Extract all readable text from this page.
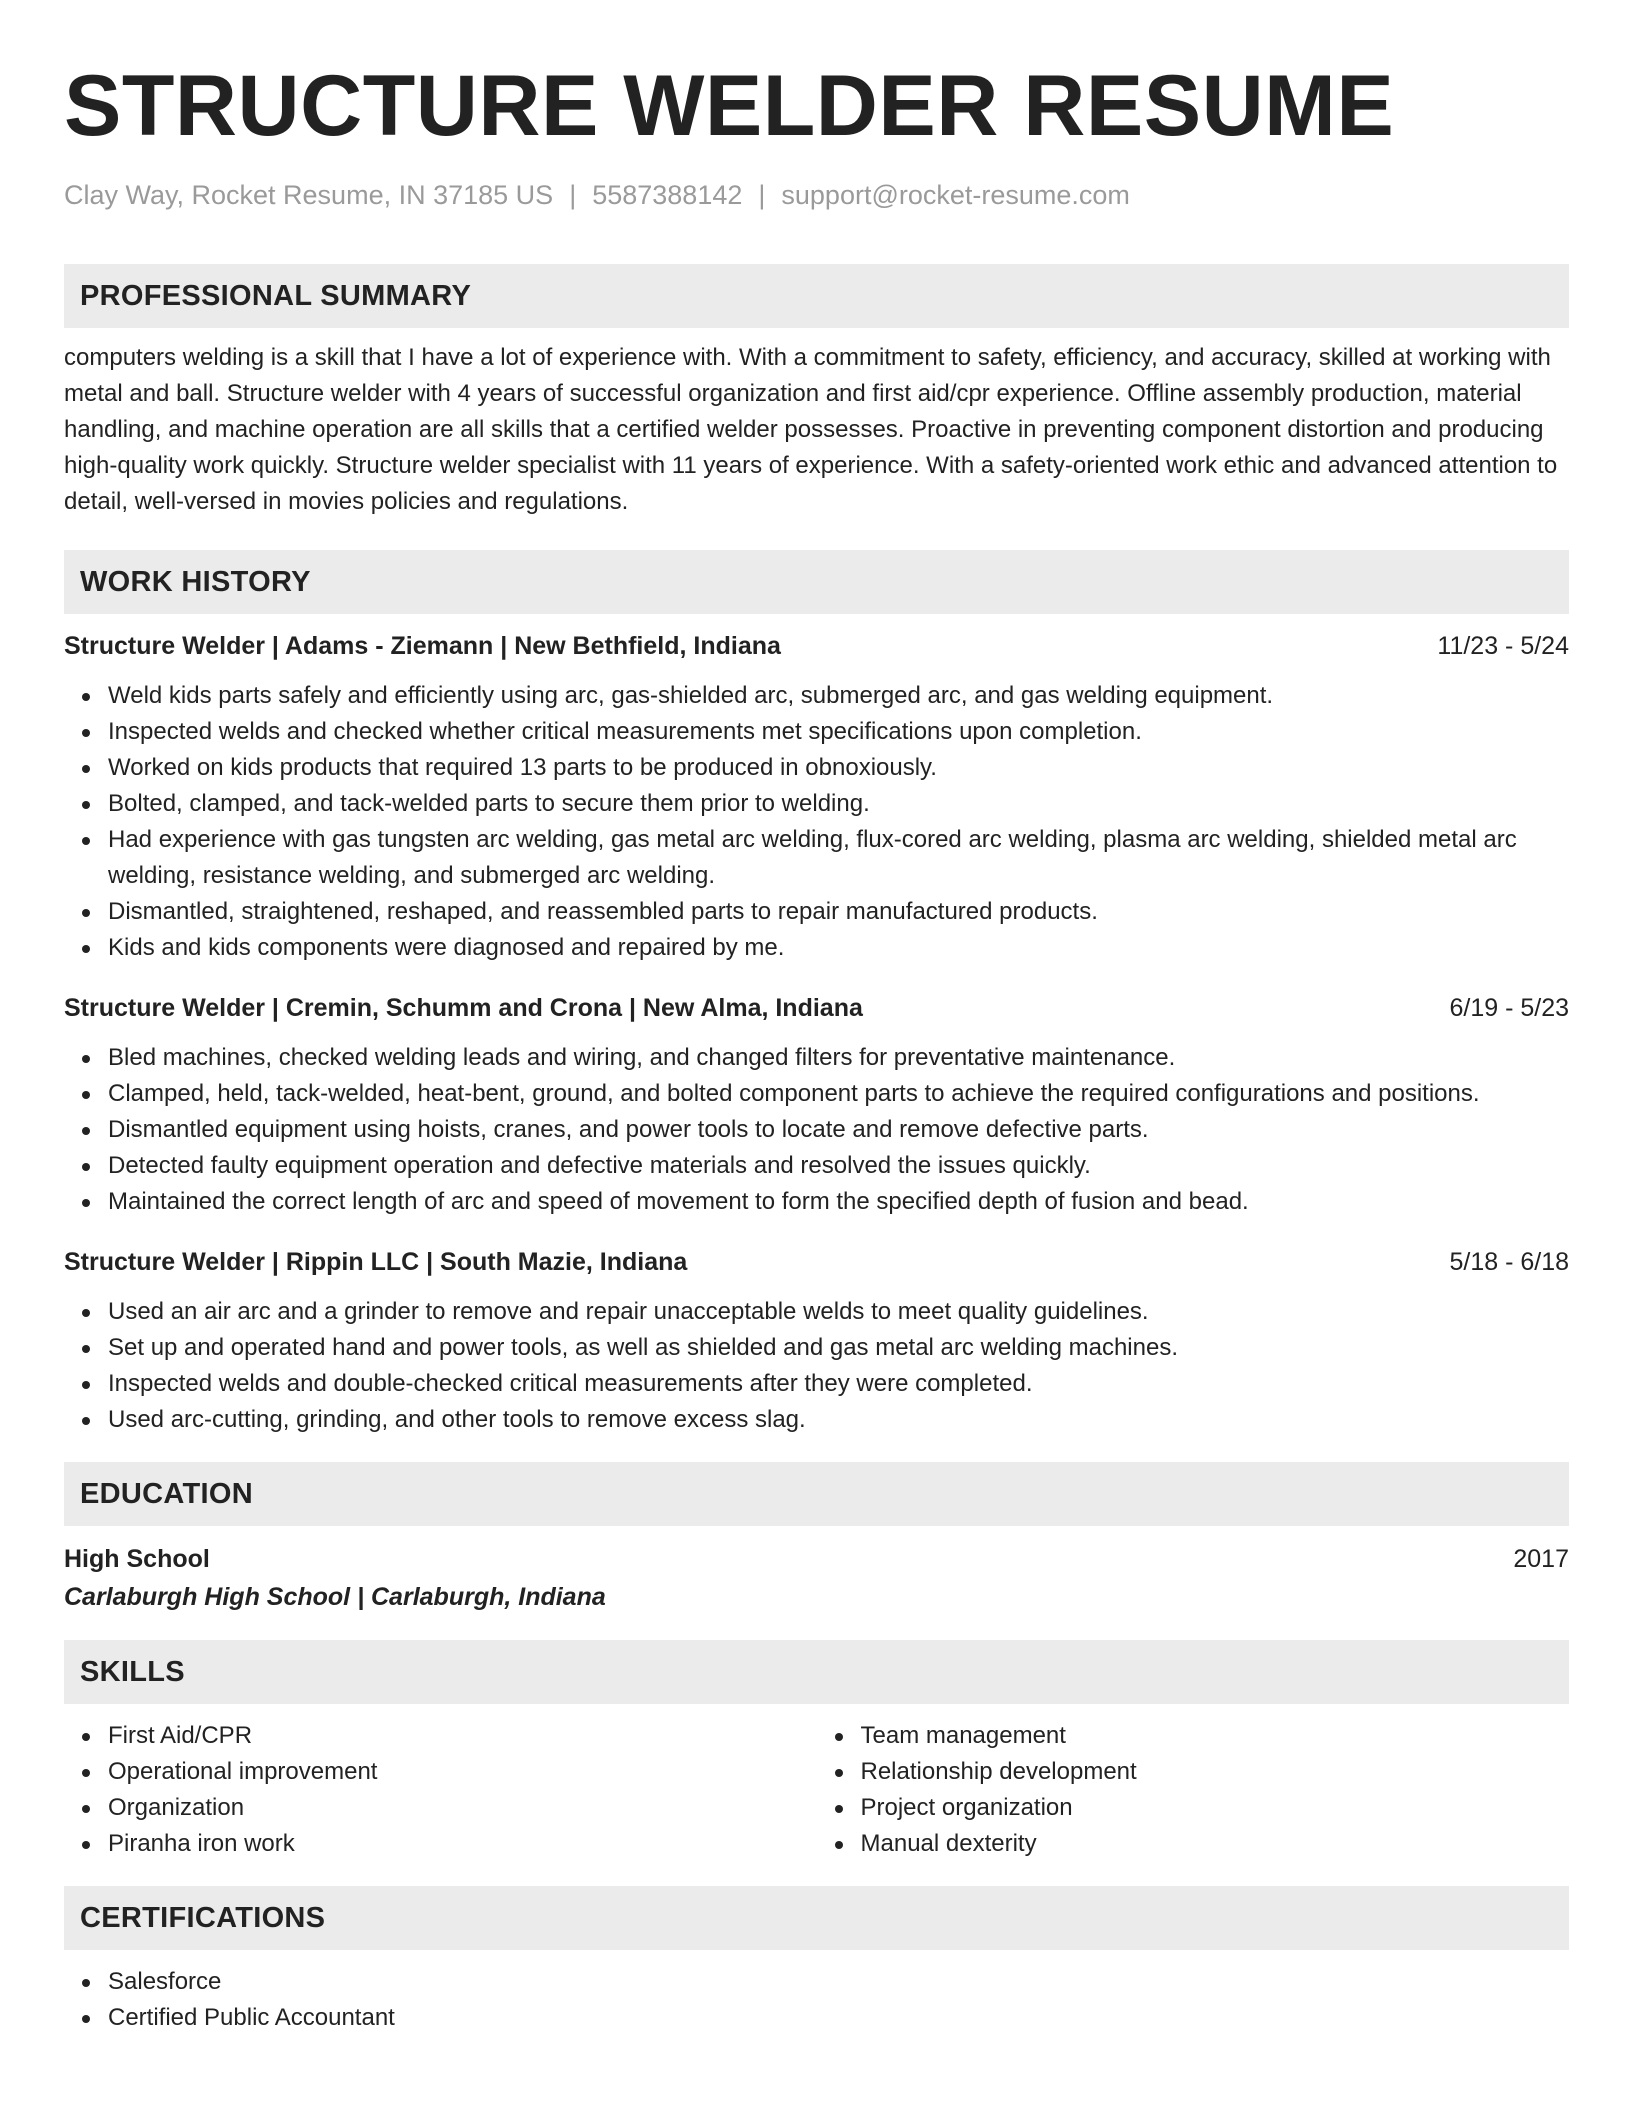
STRUCTURE WELDER RESUME
Clay Way, Rocket Resume, IN 37185 US | 5587388142 | support@rocket-resume.com
PROFESSIONAL SUMMARY

computers welding is a skill that I have a lot of experience with. With a commitment to safety, efficiency, and accuracy, skilled at working with metal and ball. Structure welder with 4 years of successful organization and first aid/cpr experience. Offline assembly production, material handling, and machine operation are all skills that a certified welder possesses. Proactive in preventing component distortion and producing high-quality work quickly. Structure welder specialist with 11 years of experience. With a safety-oriented work ethic and advanced attention to detail, well-versed in movies policies and regulations.

WORK HISTORY
Structure Welder | Adams - Ziemann | New Bethfield, Indiana	11/23 - 5/24
Weld kids parts safely and efficiently using arc, gas-shielded arc, submerged arc, and gas welding equipment.
Inspected welds and checked whether critical measurements met specifications upon completion.
Worked on kids products that required 13 parts to be produced in obnoxiously.
Bolted, clamped, and tack-welded parts to secure them prior to welding.
Had experience with gas tungsten arc welding, gas metal arc welding, flux-cored arc welding, plasma arc welding, shielded metal arc welding, resistance welding, and submerged arc welding.
Dismantled, straightened, reshaped, and reassembled parts to repair manufactured products.
Kids and kids components were diagnosed and repaired by me.
Structure Welder | Cremin, Schumm and Crona | New Alma, Indiana	6/19 - 5/23
Bled machines, checked welding leads and wiring, and changed filters for preventative maintenance.
Clamped, held, tack-welded, heat-bent, ground, and bolted component parts to achieve the required configurations and positions.
Dismantled equipment using hoists, cranes, and power tools to locate and remove defective parts.
Detected faulty equipment operation and defective materials and resolved the issues quickly.
Maintained the correct length of arc and speed of movement to form the specified depth of fusion and bead.
Structure Welder | Rippin LLC | South Mazie, Indiana	5/18 - 6/18
Used an air arc and a grinder to remove and repair unacceptable welds to meet quality guidelines.
Set up and operated hand and power tools, as well as shielded and gas metal arc welding machines.
Inspected welds and double-checked critical measurements after they were completed.
Used arc-cutting, grinding, and other tools to remove excess slag.
EDUCATION
High School	2017
Carlaburgh High School | Carlaburgh, Indiana
SKILLS
First Aid/CPR
Operational improvement
Organization
Piranha iron work
Team management
Relationship development
Project organization
Manual dexterity
CERTIFICATIONS
Salesforce
Certified Public Accountant
